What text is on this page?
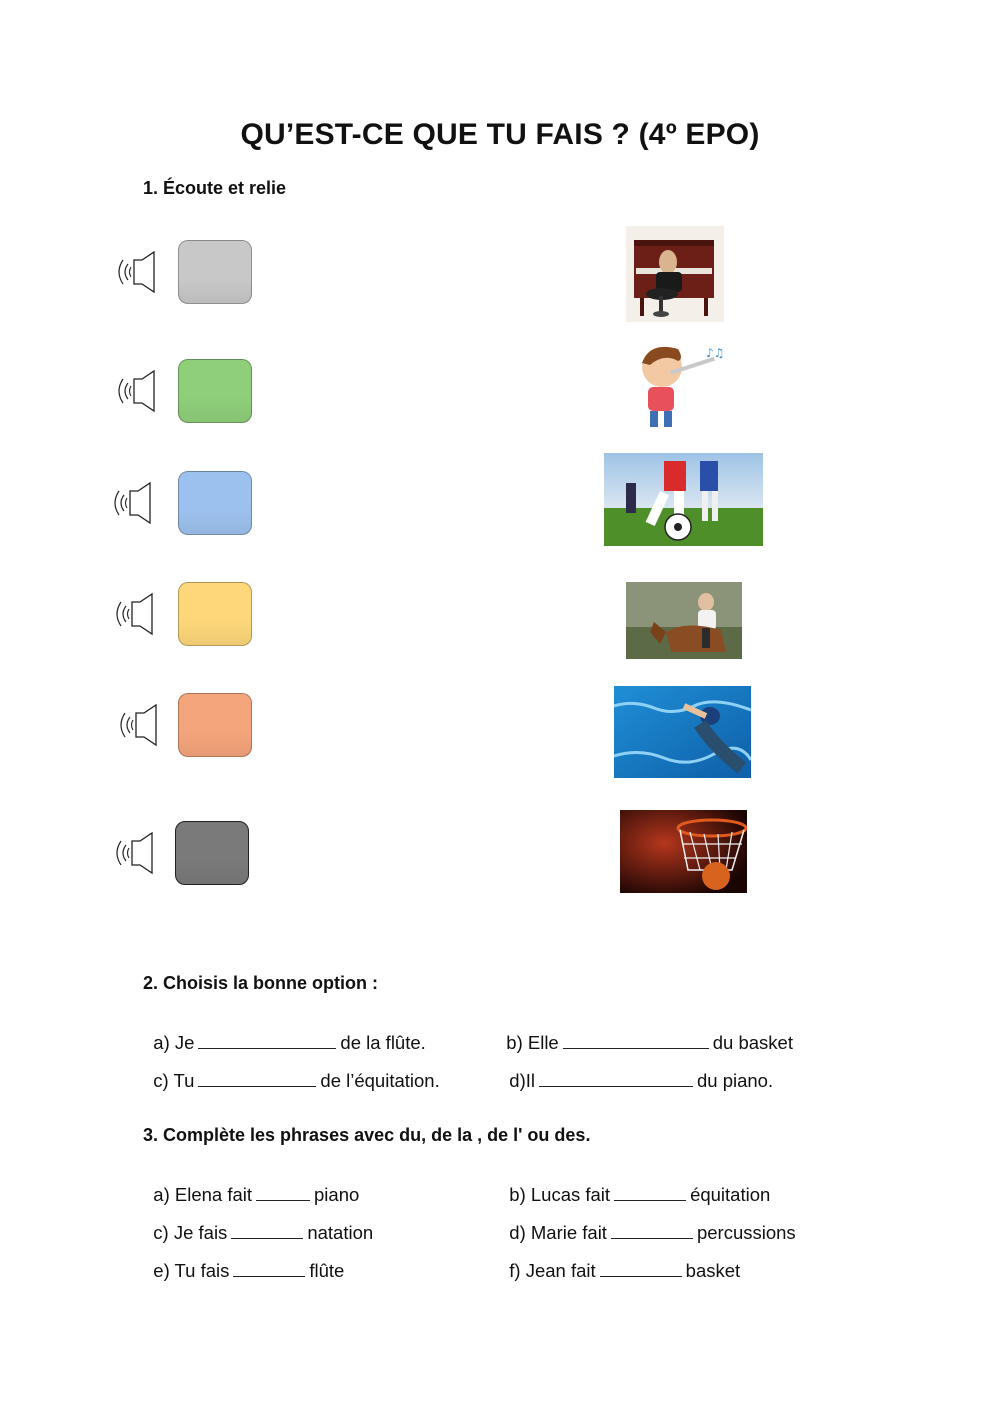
QU’EST-CE QUE TU FAIS ? (4º EPO)
1. Écoute et relie
♪♫
2. Choisis la bonne option :

a) Je	de la flûte.	b) Elle	du basket

c) Tu	de l’équitation.	d)Il	du piano.

3. Complète les phrases avec du, de la , de l' ou des.

a) Elena fait	piano	b) Lucas fait	équitation

c) Je fais	natation	d) Marie fait	percussions

e) Tu fais	flûte	f) Jean fait	basket
